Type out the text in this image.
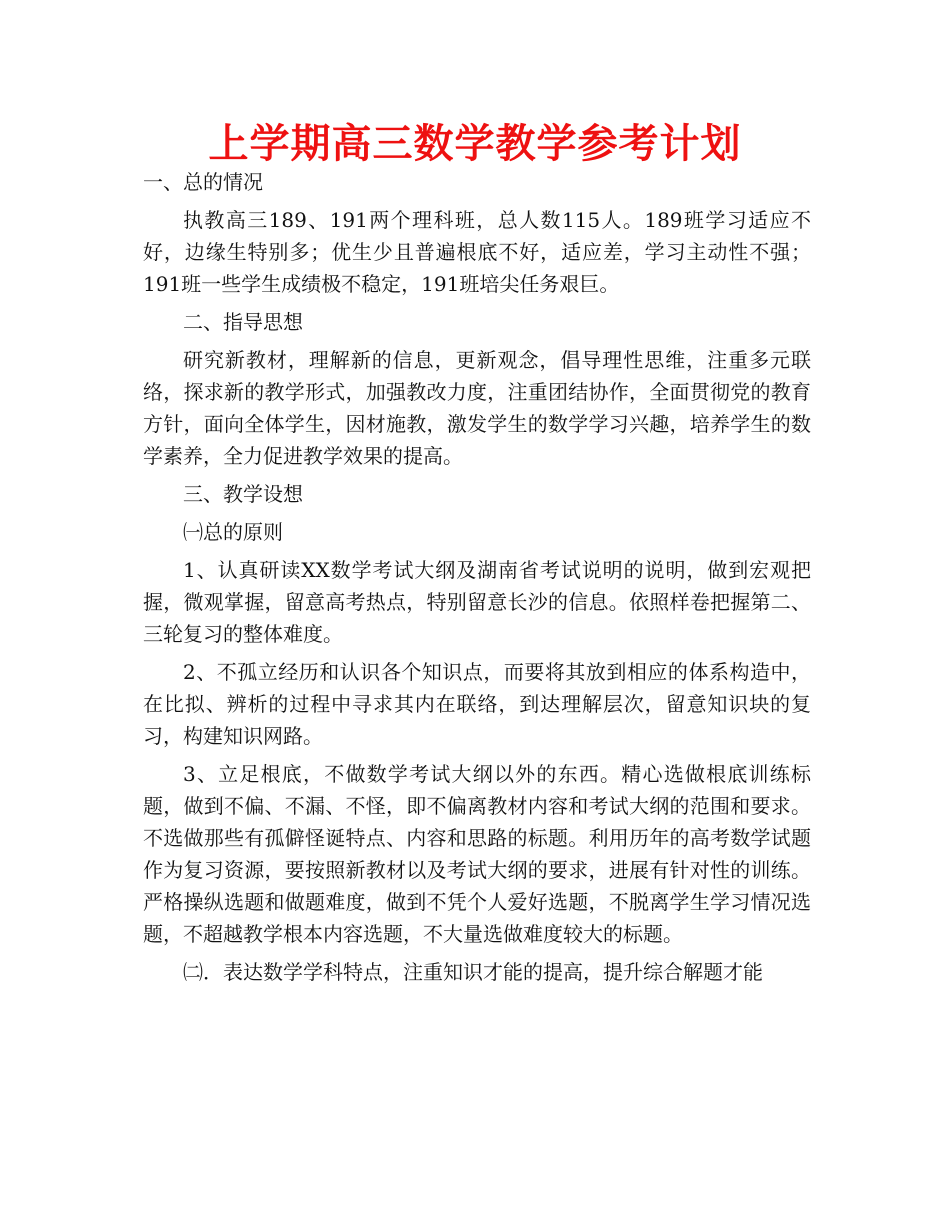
上学期高三数学教学参考计划

一、总的情况

执教高三189、191两个理科班，总人数115人。189班学习适应不好，边缘生特别多；优生少且普遍根底不好，适应差，学习主动性不强；191班一些学生成绩极不稳定，191班培尖任务艰巨。

二、指导思想

研究新教材，理解新的信息，更新观念，倡导理性思维，注重多元联络，探求新的教学形式，加强教改力度，注重团结协作，全面贯彻党的教育方针，面向全体学生，因材施教，激发学生的数学学习兴趣，培养学生的数学素养，全力促进教学效果的提高。

三、教学设想

㈠总的原则

1、认真研读XX数学考试大纲及湖南省考试说明的说明，做到宏观把握，微观掌握，留意高考热点，特别留意长沙的信息。依照样卷把握第二、三轮复习的整体难度。

2、不孤立经历和认识各个知识点，而要将其放到相应的体系构造中，在比拟、辨析的过程中寻求其内在联络，到达理解层次，留意知识块的复习，构建知识网路。

3、立足根底，不做数学考试大纲以外的东西。精心选做根底训练标题，做到不偏、不漏、不怪，即不偏离教材内容和考试大纲的范围和要求。不选做那些有孤僻怪诞特点、内容和思路的标题。利用历年的高考数学试题作为复习资源，要按照新教材以及考试大纲的要求，进展有针对性的训练。严格操纵选题和做题难度，做到不凭个人爱好选题，不脱离学生学习情况选题，不超越教学根本内容选题，不大量选做难度较大的标题。

㈡．表达数学学科特点，注重知识才能的提高，提升综合解题才能
